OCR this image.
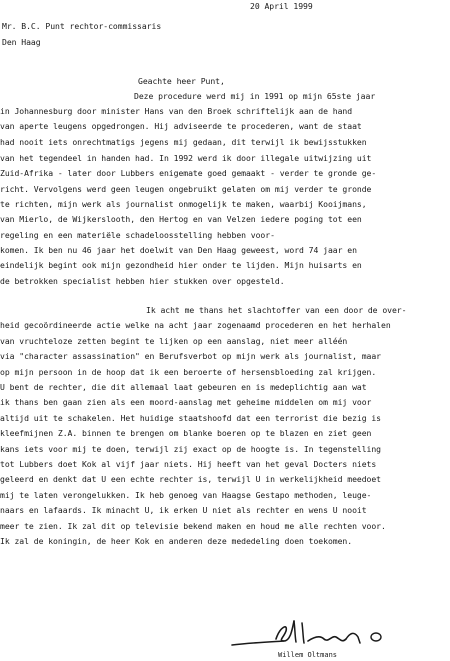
20 April 1999
Mr. B.C. Punt rechtor-commissaris
Den Haag
Geachte heer Punt,
Deze procedure werd mij in 1991 op mijn 65ste jaar
in Johannesburg door minister Hans van den Broek schriftelijk aan de hand
van aperte leugens opgedrongen. Hij adviseerde te procederen, want de staat
had nooit iets onrechtmatigs jegens mij gedaan, dit terwijl ik bewijsstukken
van het tegendeel in handen had. In 1992 werd ik door illegale uitwijzing uit
Zuid-Afrika - later door Lubbers enigemate goed gemaakt - verder te gronde ge-
richt. Vervolgens werd geen leugen ongebruikt gelaten om mij verder te gronde
te richten, mijn werk als journalist onmogelijk te maken, waarbij Kooijmans,
van Mierlo, de Wijkerslooth, den Hertog en van Velzen iedere poging tot een
regeling en een materiële schadeloosstelling hebben voor-
komen. Ik ben nu 46 jaar het doelwit van Den Haag geweest, word 74 jaar en
eindelijk begint ook mijn gezondheid hier onder te lijden. Mijn huisarts en
de betrokken specialist hebben hier stukken over opgesteld.
Ik acht me thans het slachtoffer van een door de over-
heid gecoördineerde actie welke na acht jaar zogenaamd procederen en het herhalen
van vruchteloze zetten begint te lijken op een aanslag, niet meer alléén
via "character assassination" en Berufsverbot op mijn werk als journalist, maar
op mijn persoon in de hoop dat ik een beroerte of hersensbloeding zal krijgen.
U bent de rechter, die dit allemaal laat gebeuren en is medeplichtig aan wat
ik thans ben gaan zien als een moord-aanslag met geheime middelen om mij voor
altijd uit te schakelen. Het huidige staatshoofd dat een terrorist die bezig is
kleefmijnen Z.A. binnen te brengen om blanke boeren op te blazen en ziet geen
kans iets voor mij te doen, terwijl zij exact op de hoogte is. In tegenstelling
tot Lubbers doet Kok al vijf jaar niets. Hij heeft van het geval Docters niets
geleerd en denkt dat U een echte rechter is, terwijl U in werkelijkheid meedoet
mij te laten verongelukken. Ik heb genoeg van Haagse Gestapo methoden, leuge-
naars en lafaards. Ik minacht U, ik erken U niet als rechter en wens U nooit
meer te zien. Ik zal dit op televisie bekend maken en houd me alle rechten voor.
Ik zal de koningin, de heer Kok en anderen deze mededeling doen toekomen.
Willem Oltmans
